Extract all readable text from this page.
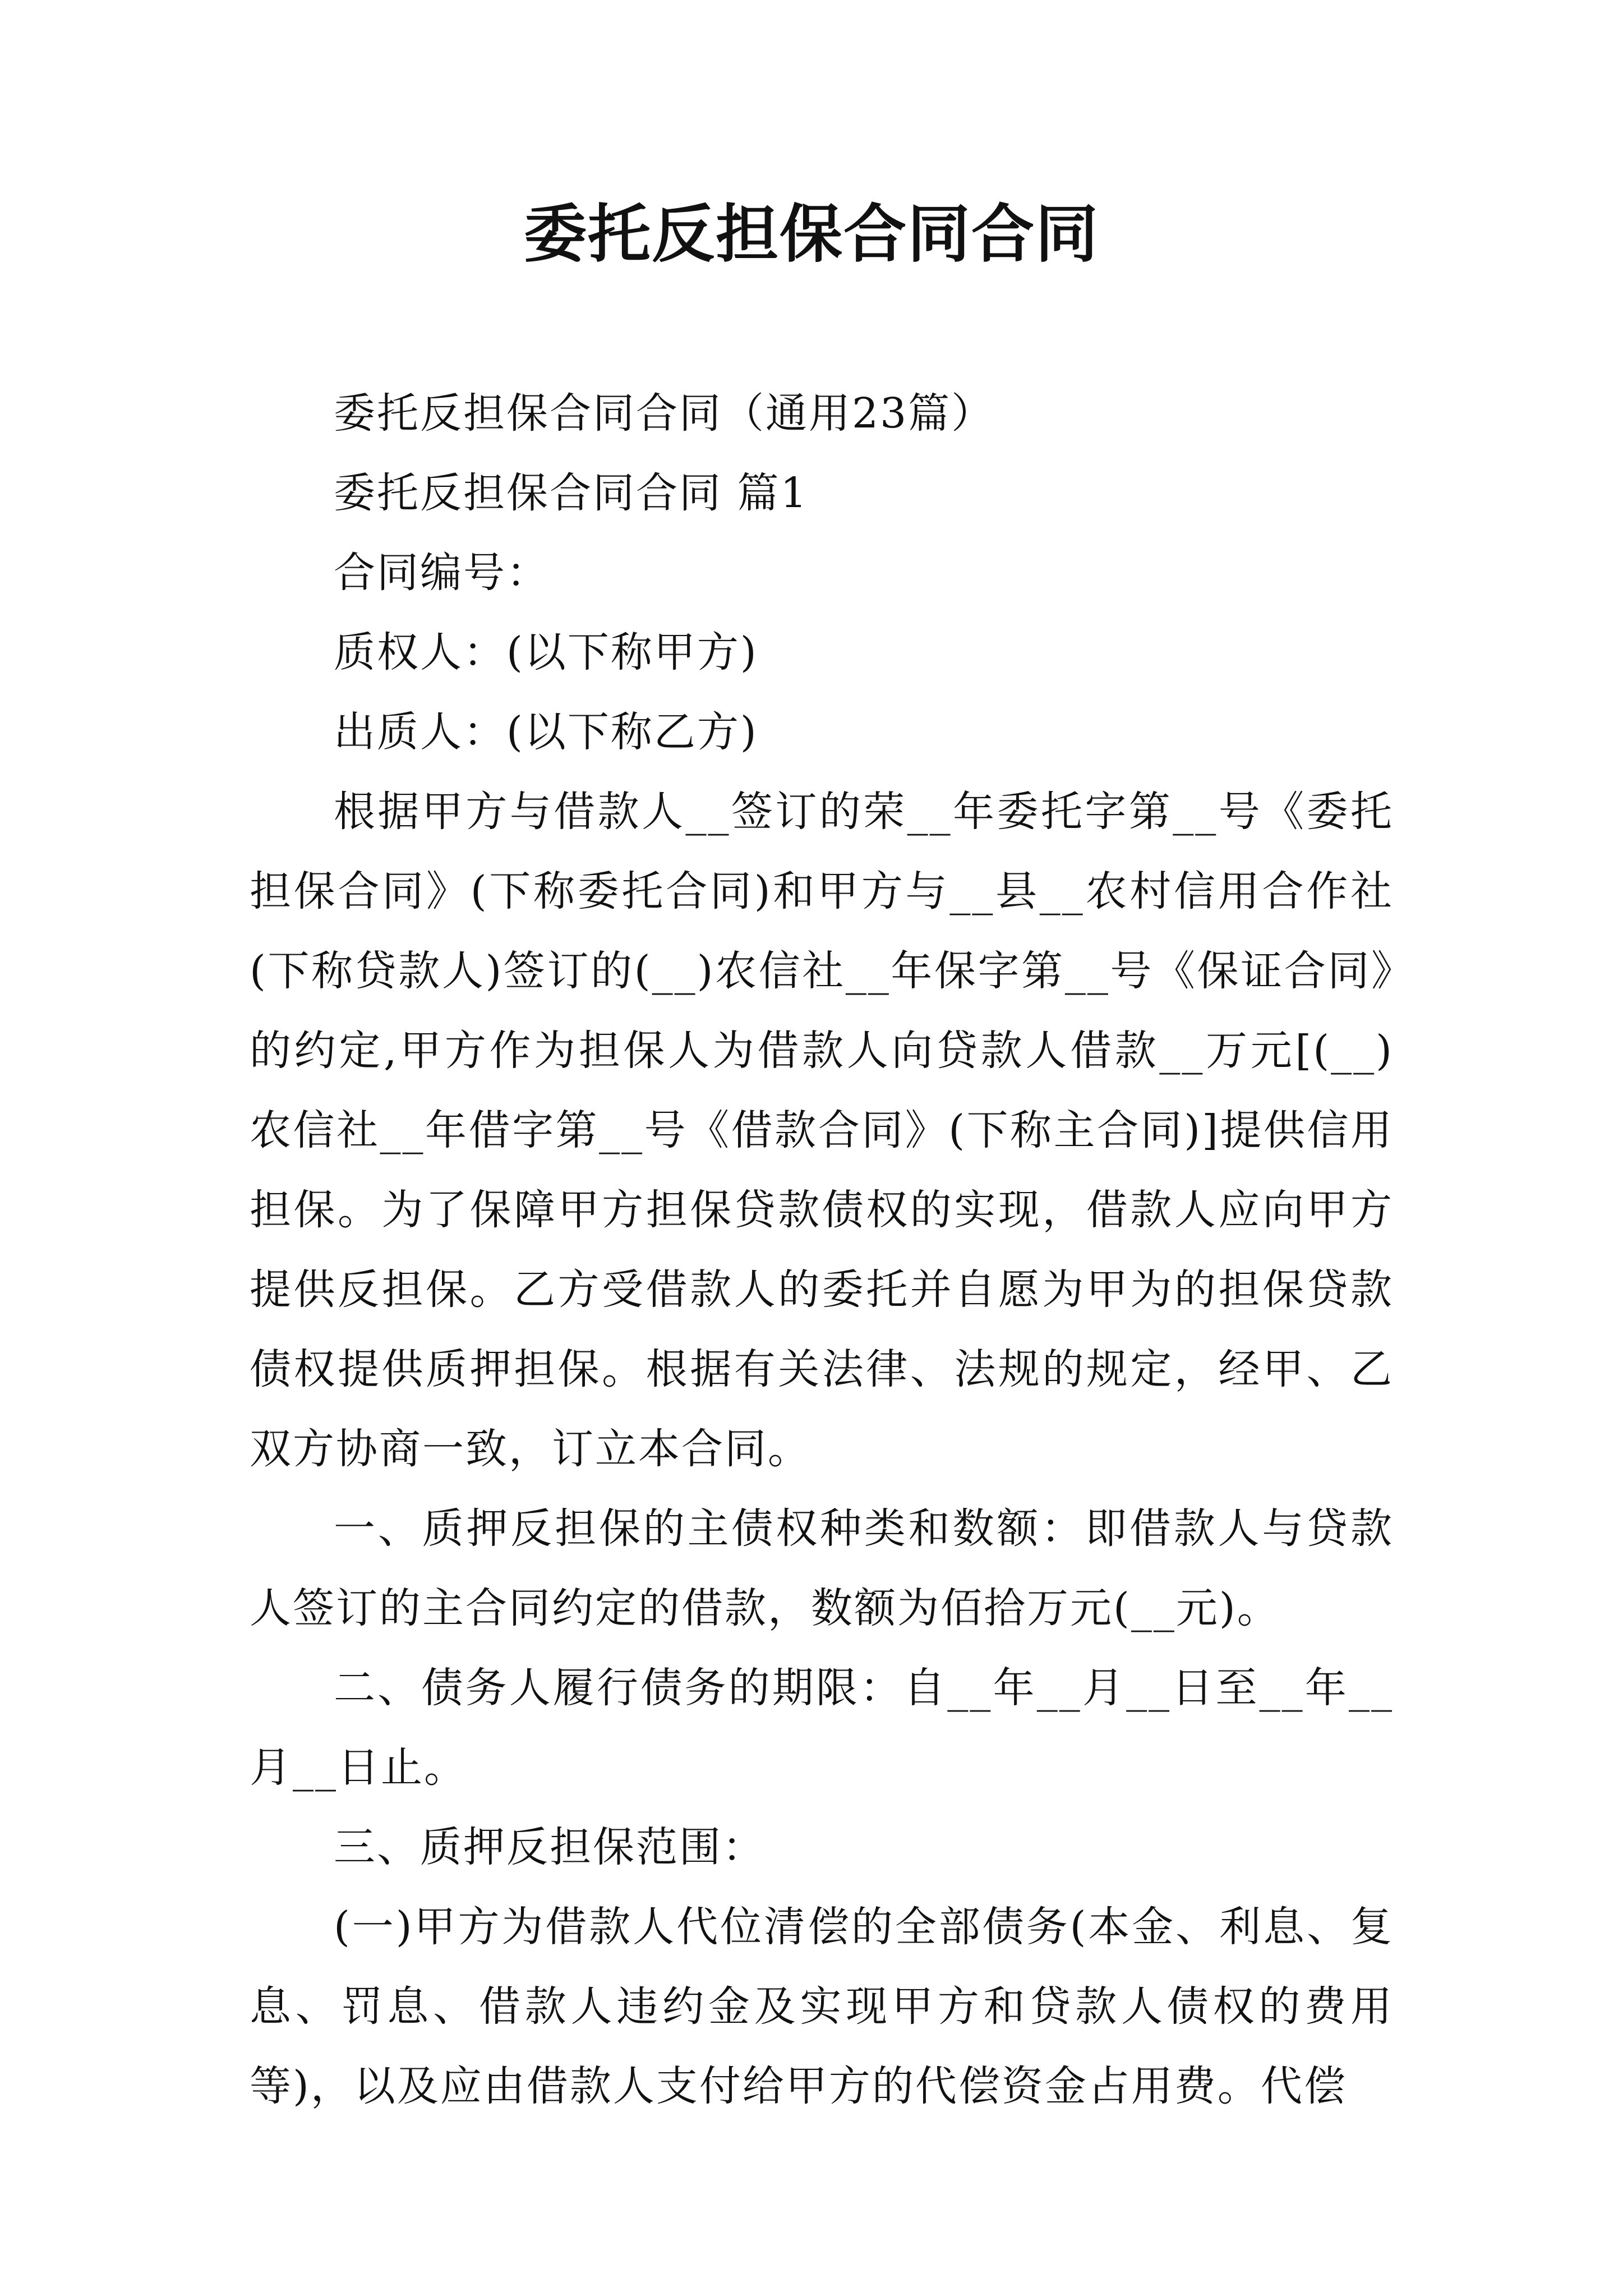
委托反担保合同合同

委托反担保合同合同（通用23篇）

委托反担保合同合同 篇1

合同编号：

质权人：(以下称甲方)

出质人：(以下称乙方)

根据甲方与借款人__签订的荣__年委托字第__号《委托担保合同》(下称委托合同)和甲方与__县__农村信用合作社(下称贷款人)签订的(__)农信社__年保字第__号《保证合同》的约定,甲方作为担保人为借款人向贷款人借款__万元[(__)农信社__年借字第__号《借款合同》(下称主合同)]提供信用担保。为了保障甲方担保贷款债权的实现，借款人应向甲方提供反担保。乙方受借款人的委托并自愿为甲为的担保贷款债权提供质押担保。根据有关法律、法规的规定，经甲、乙双方协商一致，订立本合同。

一、质押反担保的主债权种类和数额：即借款人与贷款人签订的主合同约定的借款，数额为佰拾万元(__元)。

二、债务人履行债务的期限：自__年__月__日至__年__月__日止。

三、质押反担保范围：

(一)甲方为借款人代位清偿的全部债务(本金、利息、复息、罚息、借款人违约金及实现甲方和贷款人债权的费用等)，以及应由借款人支付给甲方的代偿资金占用费。代偿
